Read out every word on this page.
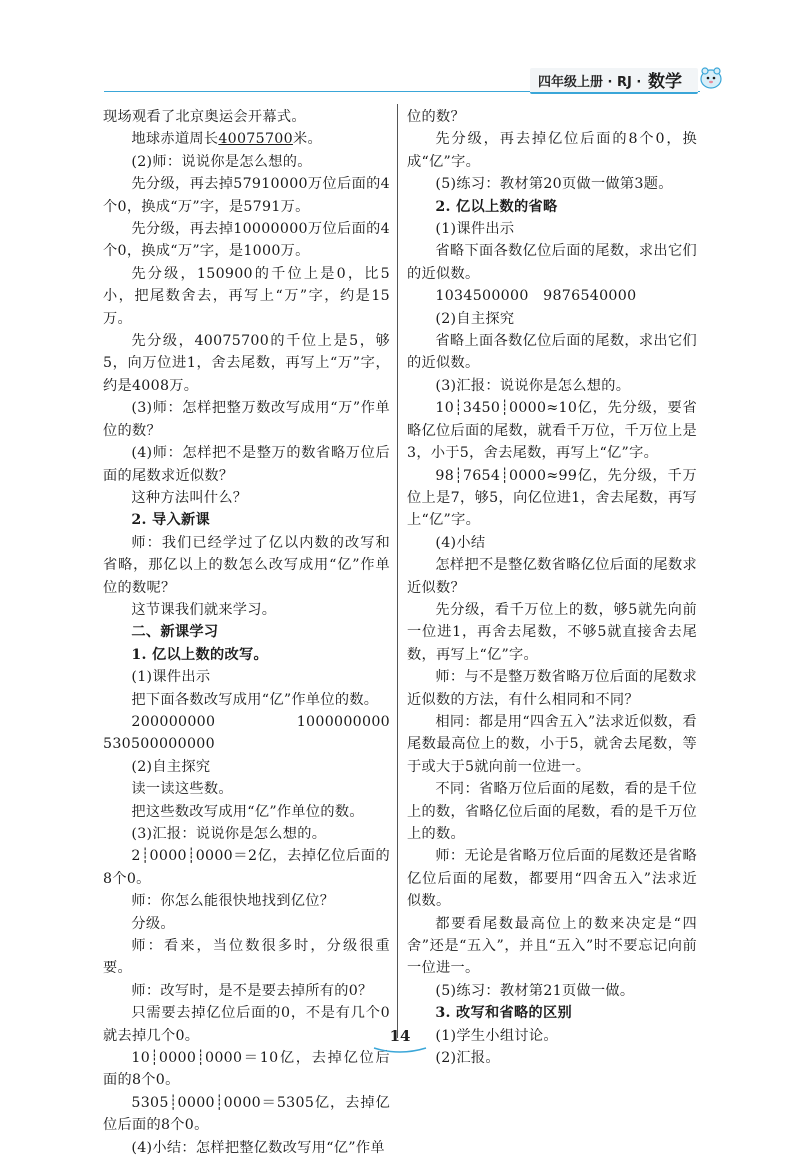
四年级上册 · RJ · 数学

现场观看了北京奥运会开幕式。

地球赤道周长40075700米。

(2)师：说说你是怎么想的。

先分级，再去掉57910000万位后面的4个0，换成“万”字，是5791万。

先分级，再去掉10000000万位后面的4个0，换成“万”字，是1000万。

先分级，150900的千位上是0，比5小，把尾数舍去，再写上“万”字，约是15万。

先分级，40075700的千位上是5，够5，向万位进1，舍去尾数，再写上“万”字，约是4008万。

(3)师：怎样把整万数改写成用“万”作单位的数？

(4)师：怎样把不是整万的数省略万位后面的尾数求近似数？

这种方法叫什么？

2. 导入新课

师：我们已经学过了亿以内数的改写和省略，那亿以上的数怎么改写成用“亿”作单位的数呢？

这节课我们就来学习。

二、新课学习

1. 亿以上数的改写。

(1)课件出示

把下面各数改写成用“亿”作单位的数。

200000000　1000000000　530500000000

(2)自主探究

读一读这些数。

把这些数改写成用“亿”作单位的数。

(3)汇报：说说你是怎么想的。

2┊0000┊0000＝2亿，去掉亿位后面的8个0。

师：你怎么能很快地找到亿位？

分级。

师：看来，当位数很多时，分级很重要。

师：改写时，是不是要去掉所有的0？

只需要去掉亿位后面的0，不是有几个0就去掉几个0。

10┊0000┊0000＝10亿，去掉亿位后面的8个0。

5305┊0000┊0000＝5305亿，去掉亿位后面的8个0。

(4)小结：怎样把整亿数改写用“亿”作单

位的数？

先分级，再去掉亿位后面的8个0，换成“亿”字。

(5)练习：教材第20页做一做第3题。

2. 亿以上数的省略

(1)课件出示

省略下面各数亿位后面的尾数，求出它们的近似数。

1034500000　9876540000

(2)自主探究

省略上面各数亿位后面的尾数，求出它们的近似数。

(3)汇报：说说你是怎么想的。

10┊3450┊0000≈10亿，先分级，要省略亿位后面的尾数，就看千万位，千万位上是3，小于5，舍去尾数，再写上“亿”字。

98┊7654┊0000≈99亿，先分级，千万位上是7，够5，向亿位进1，舍去尾数，再写上“亿”字。

(4)小结

怎样把不是整亿数省略亿位后面的尾数求近似数？

先分级，看千万位上的数，够5就先向前一位进1，再舍去尾数，不够5就直接舍去尾数，再写上“亿”字。

师：与不是整万数省略万位后面的尾数求近似数的方法，有什么相同和不同？

相同：都是用“四舍五入”法求近似数，看尾数最高位上的数，小于5，就舍去尾数，等于或大于5就向前一位进一。

不同：省略万位后面的尾数，看的是千位上的数，省略亿位后面的尾数，看的是千万位上的数。

师：无论是省略万位后面的尾数还是省略亿位后面的尾数，都要用“四舍五入”法求近似数。

都要看尾数最高位上的数来决定是“四舍”还是“五入”，并且“五入”时不要忘记向前一位进一。

(5)练习：教材第21页做一做。

3. 改写和省略的区别

(1)学生小组讨论。

(2)汇报。

14
